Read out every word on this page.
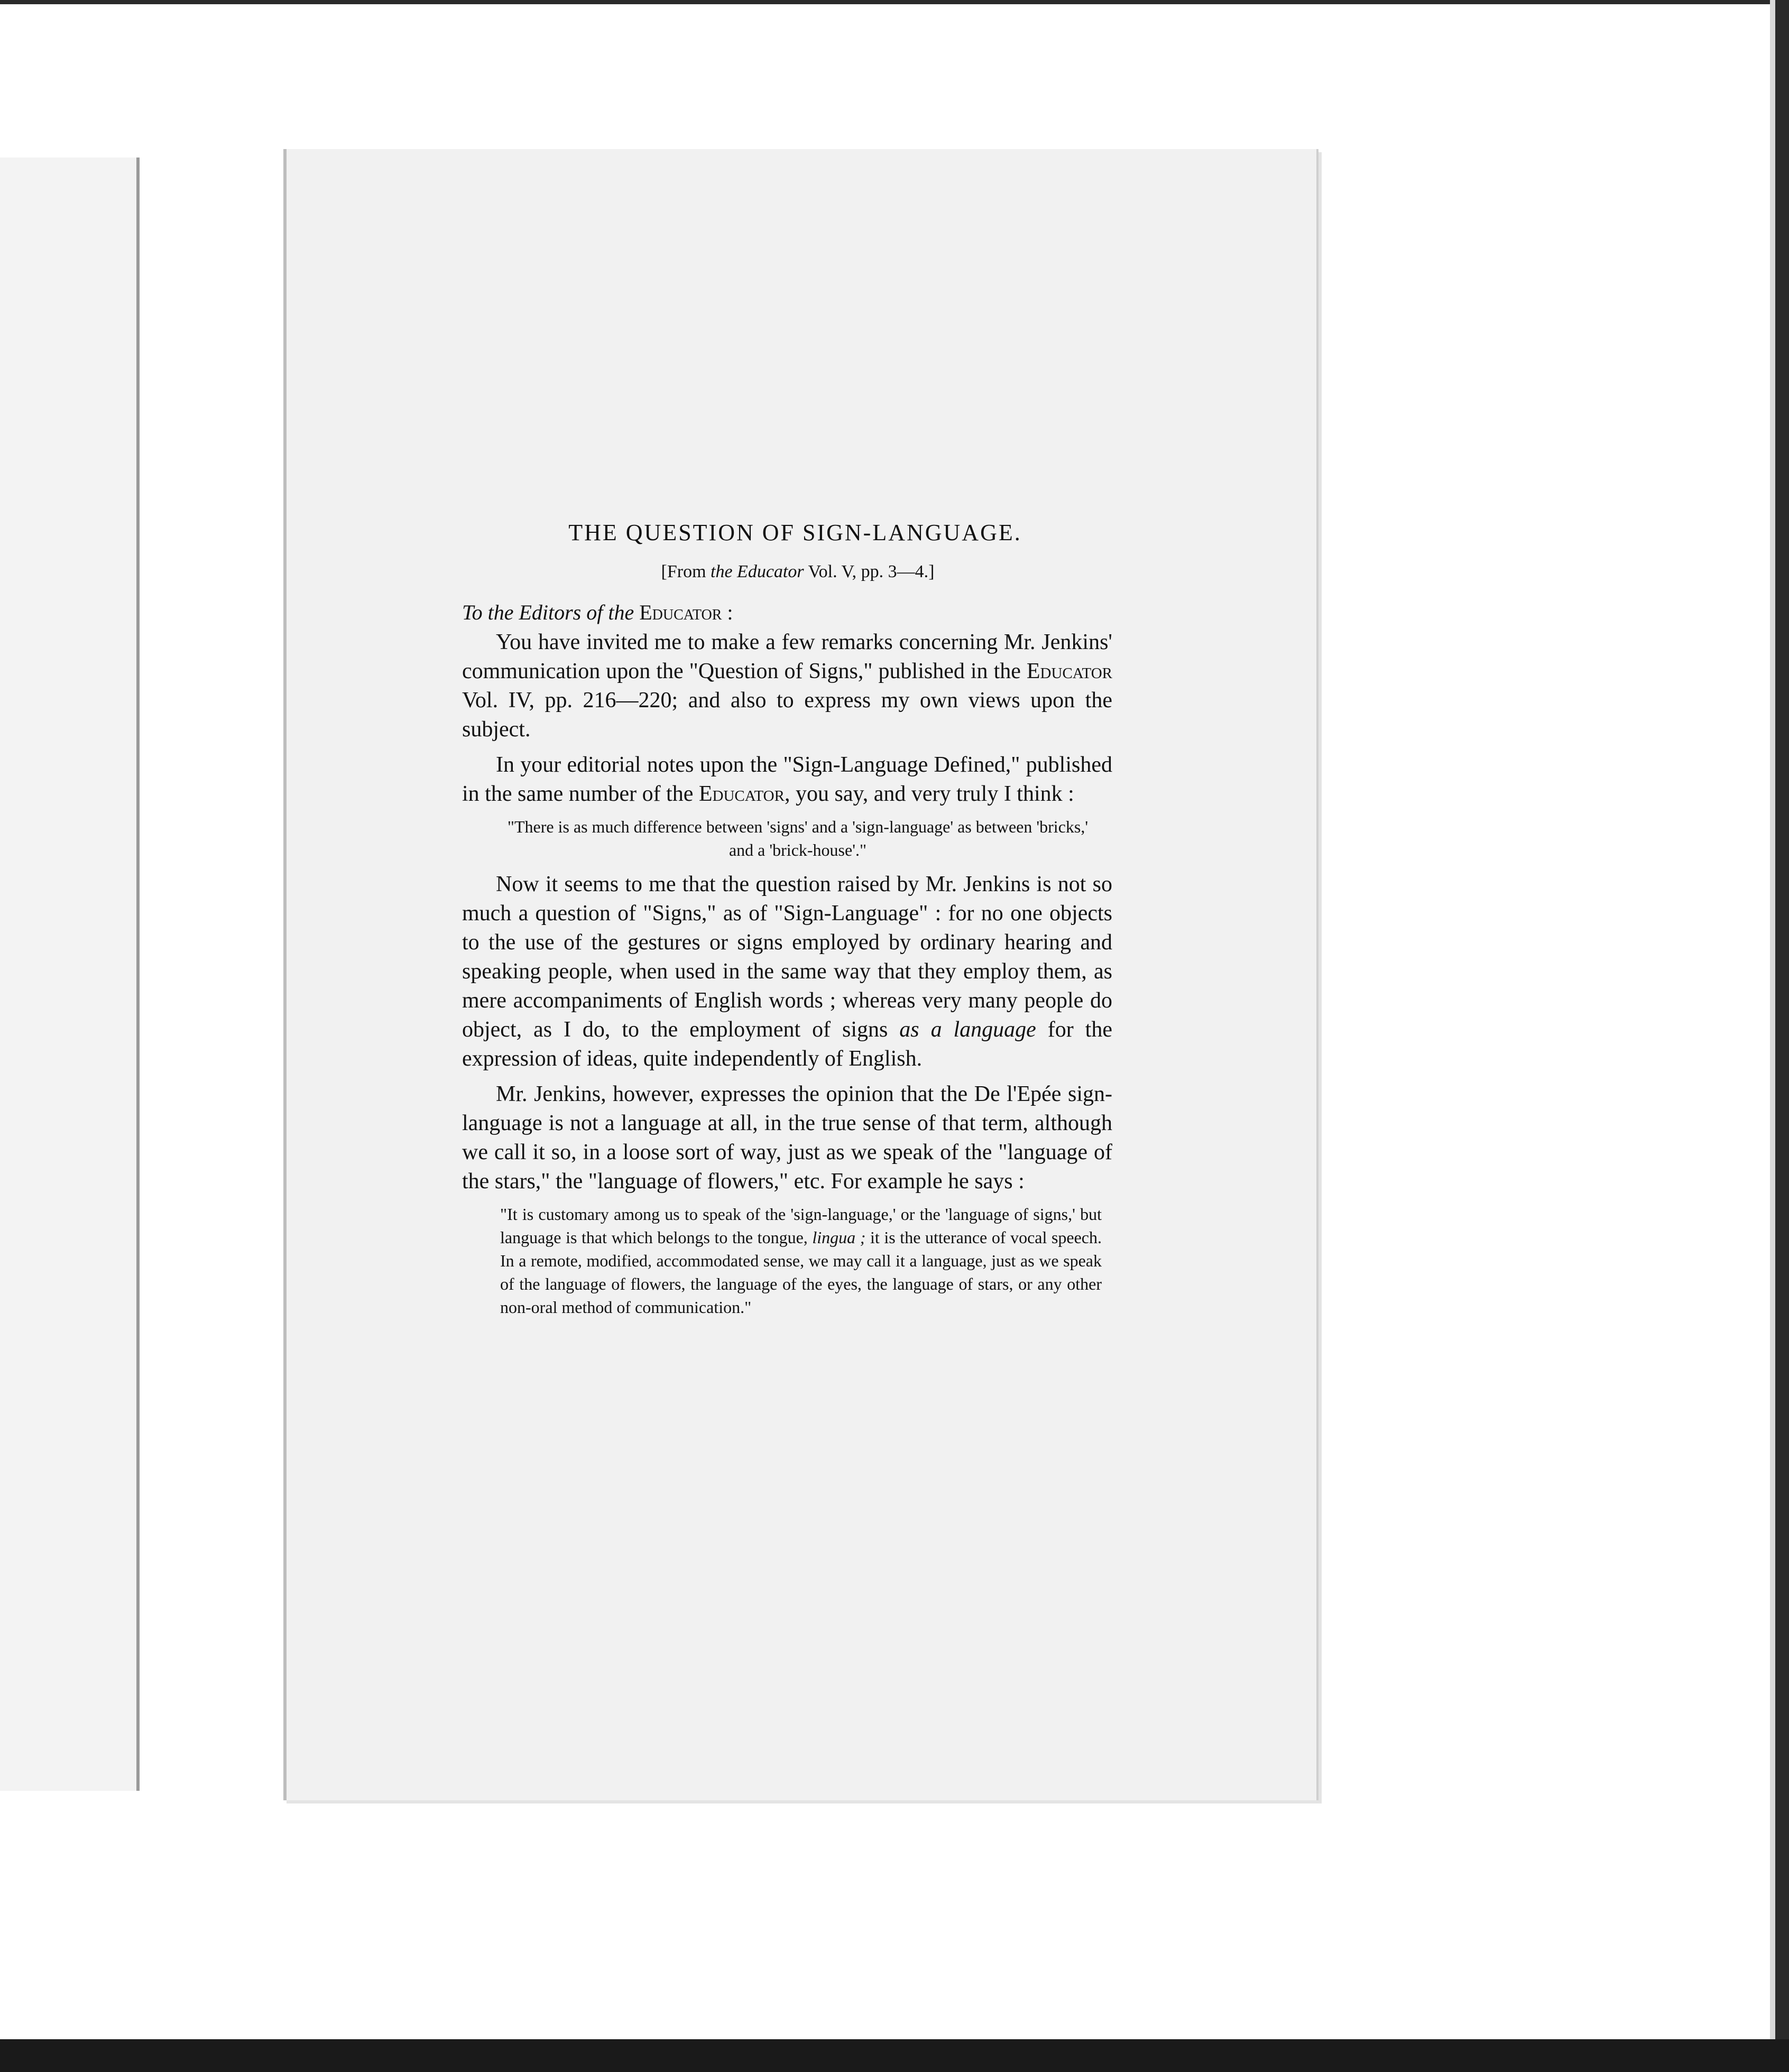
THE QUESTION OF SIGN-LANGUAGE.

[From the Educator Vol. V, pp. 3—4.]

To the Editors of the Educator :

You have invited me to make a few remarks concerning Mr. Jenkins' communication upon the "Question of Signs," published in the Educator Vol. IV, pp. 216—220; and also to express my own views upon the subject.

In your editorial notes upon the "Sign-Language Defined," published in the same number of the Educator, you say, and very truly I think :

"There is as much difference between 'signs' and a 'sign-language' as between 'bricks,' and a 'brick-house'."

Now it seems to me that the question raised by Mr. Jenkins is not so much a question of "Signs," as of "Sign-Language" : for no one objects to the use of the gestures or signs employed by ordinary hearing and speaking people, when used in the same way that they employ them, as mere accompaniments of English words ; whereas very many people do object, as I do, to the employment of signs as a language for the expression of ideas, quite independently of English.

Mr. Jenkins, however, expresses the opinion that the De l'Epée sign-language is not a language at all, in the true sense of that term, although we call it so, in a loose sort of way, just as we speak of the "language of the stars," the "language of flowers," etc. For example he says :

"It is customary among us to speak of the 'sign-language,' or the 'language of signs,' but language is that which belongs to the tongue, lingua ; it is the utterance of vocal speech. In a remote, modified, accommodated sense, we may call it a language, just as we speak of the language of flowers, the language of the eyes, the language of stars, or any other non-oral method of communication."
